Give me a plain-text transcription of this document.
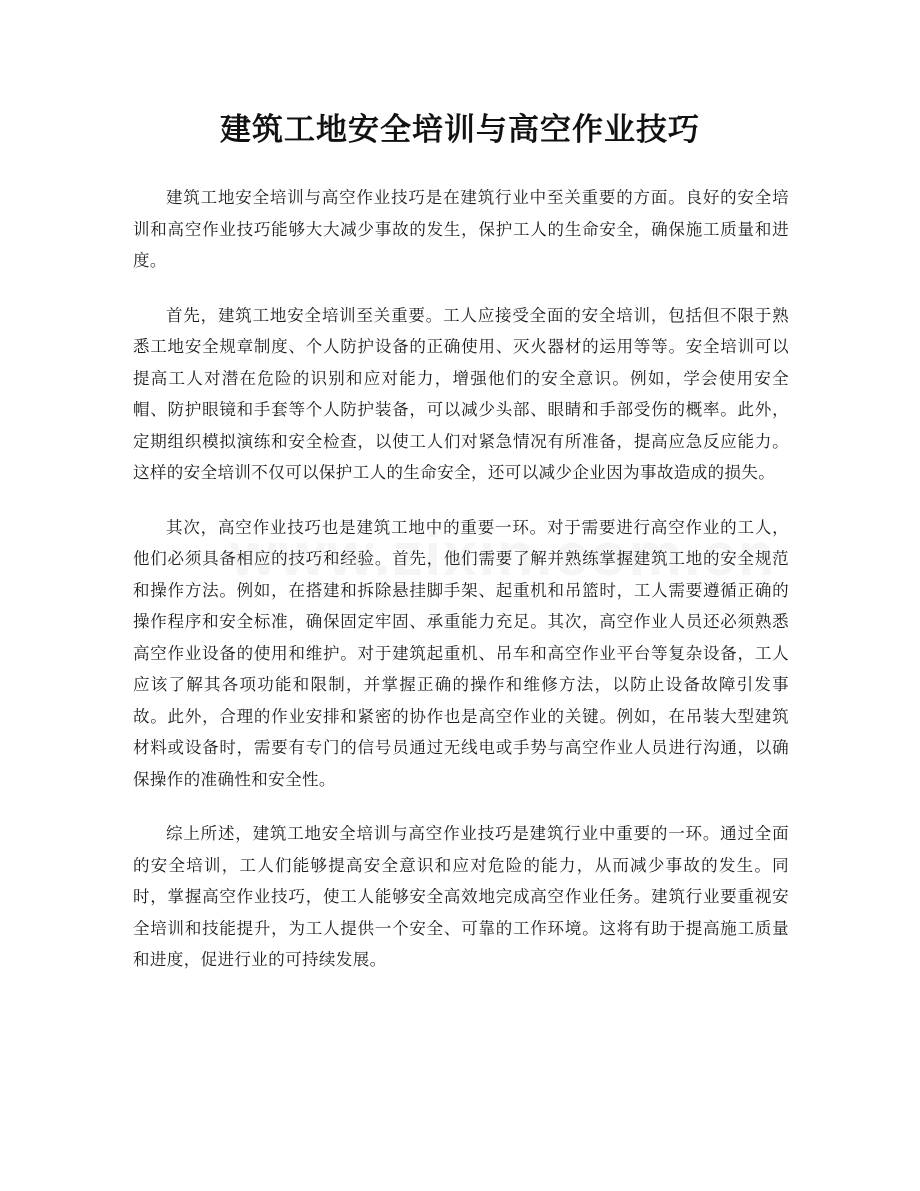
建筑工地安全培训与高空作业技巧

建筑工地安全培训与高空作业技巧是在建筑行业中至关重要的方面。良好的安全培训和高空作业技巧能够大大减少事故的发生，保护工人的生命安全，确保施工质量和进度。

首先，建筑工地安全培训至关重要。工人应接受全面的安全培训，包括但不限于熟悉工地安全规章制度、个人防护设备的正确使用、灭火器材的运用等等。安全培训可以提高工人对潜在危险的识别和应对能力，增强他们的安全意识。例如，学会使用安全帽、防护眼镜和手套等个人防护装备，可以减少头部、眼睛和手部受伤的概率。此外，定期组织模拟演练和安全检查，以使工人们对紧急情况有所准备，提高应急反应能力。这样的安全培训不仅可以保护工人的生命安全，还可以减少企业因为事故造成的损失。

其次，高空作业技巧也是建筑工地中的重要一环。对于需要进行高空作业的工人，他们必须具备相应的技巧和经验。首先，他们需要了解并熟练掌握建筑工地的安全规范和操作方法。例如，在搭建和拆除悬挂脚手架、起重机和吊篮时，工人需要遵循正确的操作程序和安全标准，确保固定牢固、承重能力充足。其次，高空作业人员还必须熟悉高空作业设备的使用和维护。对于建筑起重机、吊车和高空作业平台等复杂设备，工人应该了解其各项功能和限制，并掌握正确的操作和维修方法，以防止设备故障引发事故。此外，合理的作业安排和紧密的协作也是高空作业的关键。例如，在吊装大型建筑材料或设备时，需要有专门的信号员通过无线电或手势与高空作业人员进行沟通，以确保操作的准确性和安全性。

综上所述，建筑工地安全培训与高空作业技巧是建筑行业中重要的一环。通过全面的安全培训，工人们能够提高安全意识和应对危险的能力，从而减少事故的发生。同时，掌握高空作业技巧，使工人能够安全高效地完成高空作业任务。建筑行业要重视安全培训和技能提升，为工人提供一个安全、可靠的工作环境。这将有助于提高施工质量和进度，促进行业的可持续发展。
